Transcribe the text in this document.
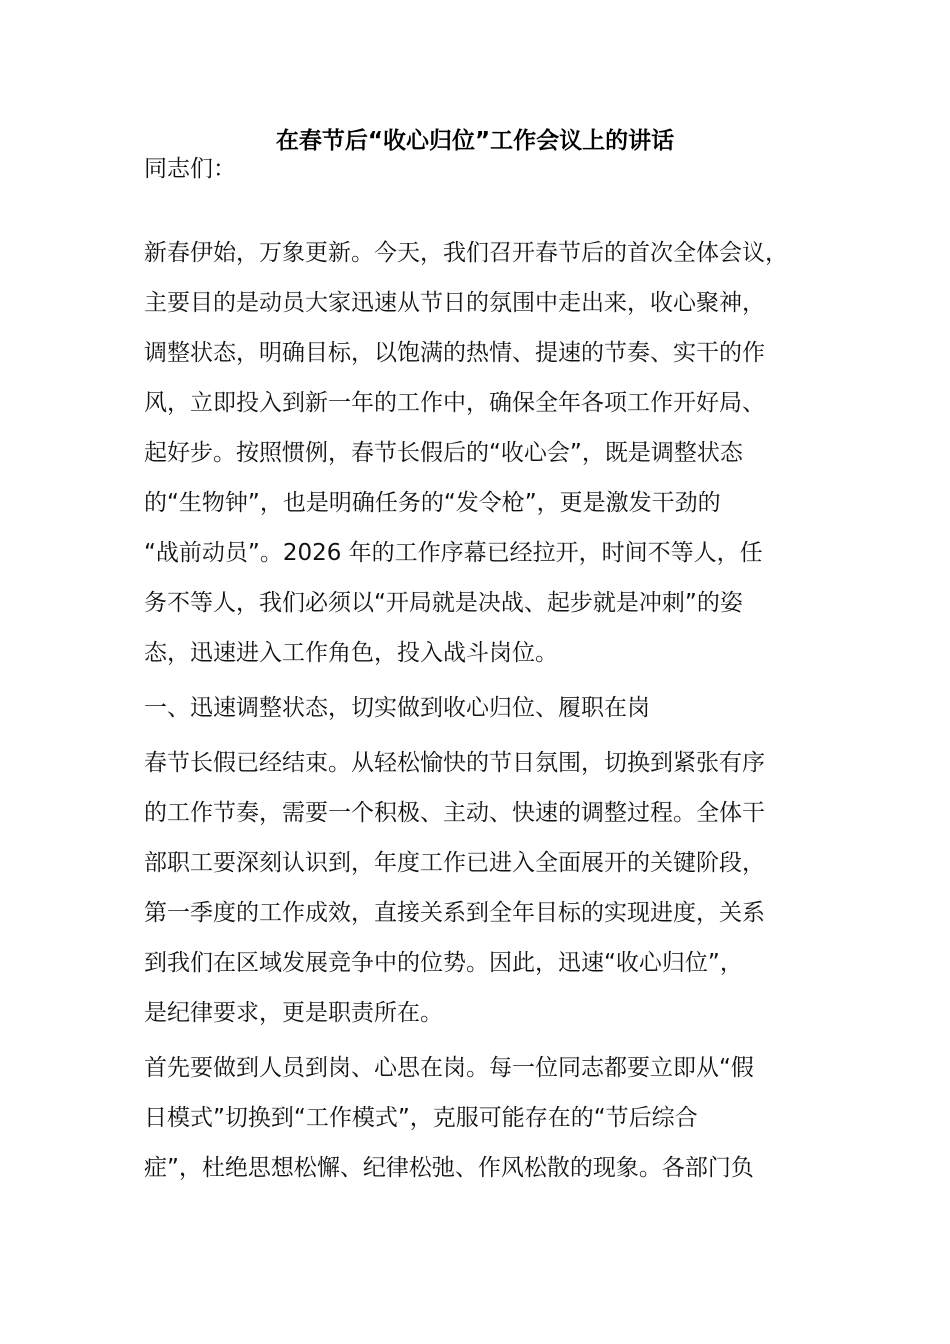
在春节后“收心归位”工作会议上的讲话
同志们：
新春伊始，万象更新。今天，我们召开春节后的首次全体会议，
主要目的是动员大家迅速从节日的氛围中走出来，收心聚神，
调整状态，明确目标，以饱满的热情、提速的节奏、实干的作
风，立即投入到新一年的工作中，确保全年各项工作开好局、
起好步。按照惯例，春节长假后的“收心会”，既是调整状态
的“生物钟”，也是明确任务的“发令枪”，更是激发干劲的
“战前动员”。2026 年的工作序幕已经拉开，时间不等人，任
务不等人，我们必须以“开局就是决战、起步就是冲刺”的姿
态，迅速进入工作角色，投入战斗岗位。
一、迅速调整状态，切实做到收心归位、履职在岗
春节长假已经结束。从轻松愉快的节日氛围，切换到紧张有序
的工作节奏，需要一个积极、主动、快速的调整过程。全体干
部职工要深刻认识到，年度工作已进入全面展开的关键阶段，
第一季度的工作成效，直接关系到全年目标的实现进度，关系
到我们在区域发展竞争中的位势。因此，迅速“收心归位”，
是纪律要求，更是职责所在。
首先要做到人员到岗、心思在岗。每一位同志都要立即从“假
日模式”切换到“工作模式”，克服可能存在的“节后综合
症”，杜绝思想松懈、纪律松弛、作风松散的现象。各部门负
